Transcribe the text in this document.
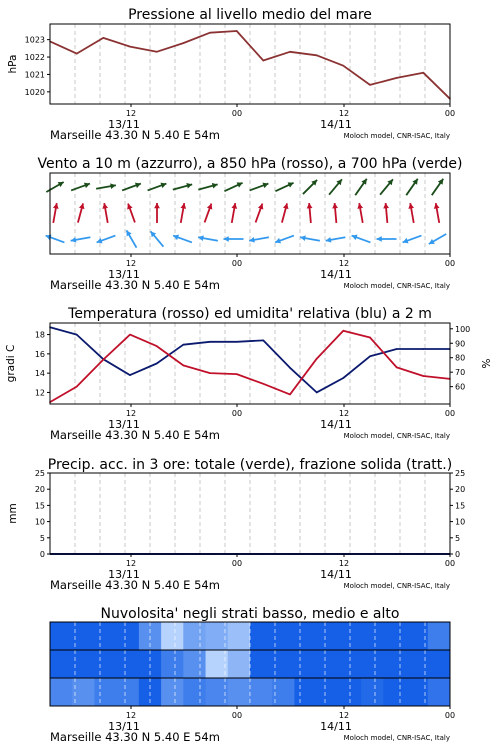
Pressione al livello medio del mare
1020
1021
1022
1023
hPa
12	00	12	00
13/11	14/11
Marseille 43.30 N 5.40 E 54m	Moloch model, CNR-ISAC, Italy
Vento a 10 m (azzurro), a 850 hPa (rosso), a 700 hPa (verde)
12	00	12	00
13/11	14/11
Marseille 43.30 N 5.40 E 54m	Moloch model, CNR-ISAC, Italy
Temperatura (rosso) ed umidita' relativa (blu) a 2 m
12
14
16
18
60
70
80
90
100
gradi C	%
12	00	12	00
13/11	14/11
Marseille 43.30 N 5.40 E 54m	Moloch model, CNR-ISAC, Italy
Precip. acc. in 3 ore: totale (verde), frazione solida (tratt.)
0
5
10
15
20
25
0
5
10
15
20
25
mm
12	00	12	00
13/11	14/11
Marseille 43.30 N 5.40 E 54m	Moloch model, CNR-ISAC, Italy
Nuvolosita' negli strati basso, medio e alto
12	00	12	00
13/11	14/11
Marseille 43.30 N 5.40 E 54m	Moloch model, CNR-ISAC, Italy
